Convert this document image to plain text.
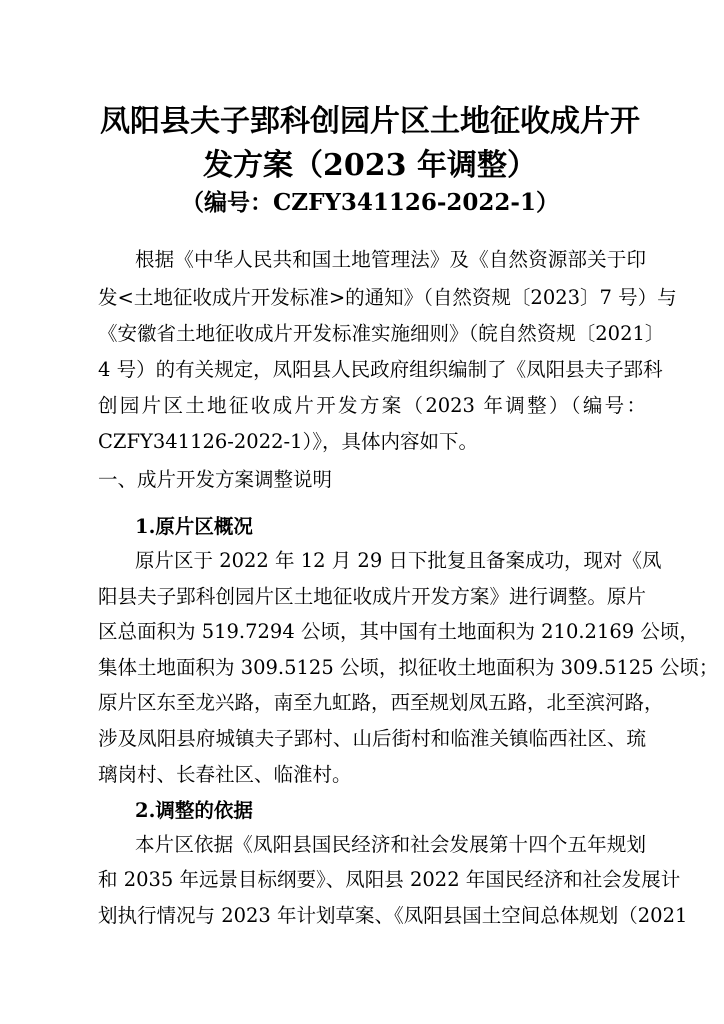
凤阳县夫子郢科创园片区土地征收成片开
发方案（2023 年调整）
（编号：CZFY341126-2022-1）
根据《中华人民共和国土地管理法》及《自然资源部关于印
发<土地征收成片开发标准>的通知》（自然资规〔2023〕7 号）与
《安徽省土地征收成片开发标准实施细则》（皖自然资规〔2021〕
4 号）的有关规定，凤阳县人民政府组织编制了《凤阳县夫子郢科
创园片区土地征收成片开发方案（2023 年调整）（编号：
CZFY341126-2022-1）》，具体内容如下。
一、成片开发方案调整说明
1.原片区概况
原片区于 2022 年 12 月 29 日下批复且备案成功，现对《凤
阳县夫子郢科创园片区土地征收成片开发方案》进行调整。原片
区总面积为 519.7294 公顷，其中国有土地面积为 210.2169 公顷，
集体土地面积为 309.5125 公顷，拟征收土地面积为 309.5125 公顷；
原片区东至龙兴路，南至九虹路，西至规划凤五路，北至滨河路，
涉及凤阳县府城镇夫子郢村、山后街村和临淮关镇临西社区、琉
璃岗村、长春社区、临淮村。
2.调整的依据
本片区依据《凤阳县国民经济和社会发展第十四个五年规划
和 2035 年远景目标纲要》、凤阳县 2022 年国民经济和社会发展计
划执行情况与 2023 年计划草案、《凤阳县国土空间总体规划（2021
